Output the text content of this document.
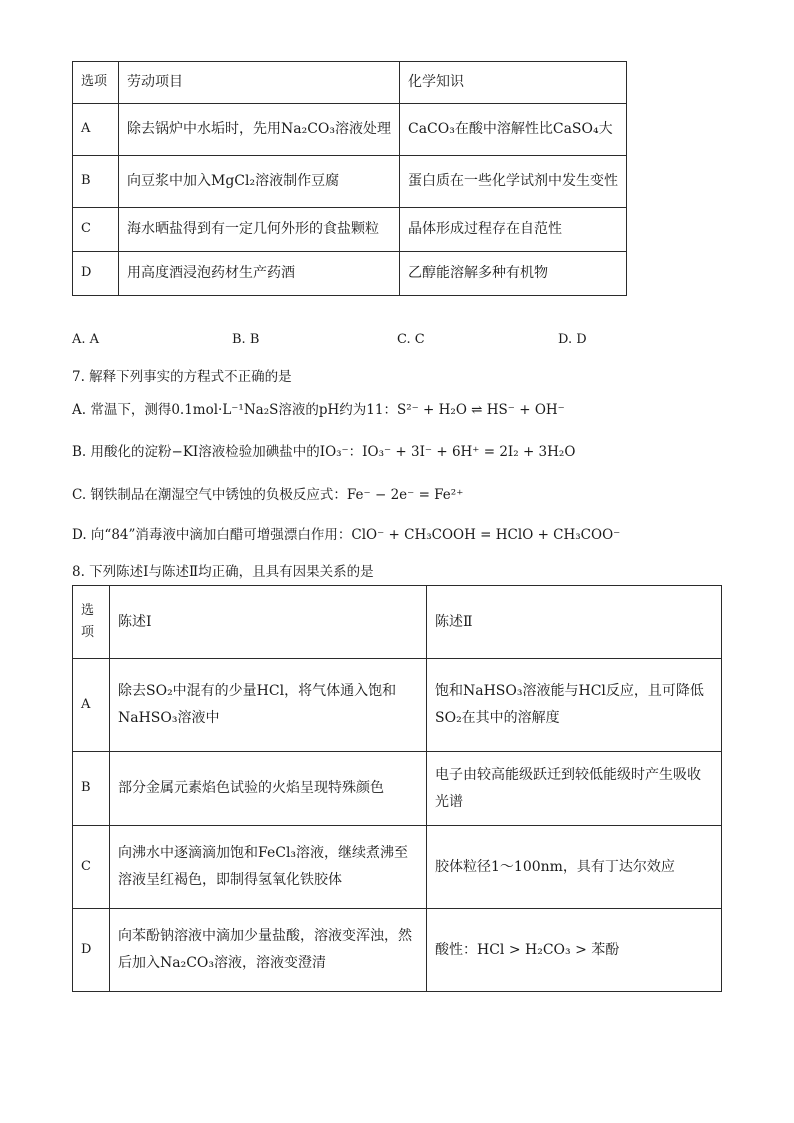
选项	劳动项目	化学知识
A	除去锅炉中水垢时，先用Na₂CO₃溶液处理	CaCO₃在酸中溶解性比CaSO₄大
B	向豆浆中加入MgCl₂溶液制作豆腐	蛋白质在一些化学试剂中发生变性
C	海水晒盐得到有一定几何外形的食盐颗粒	晶体形成过程存在自范性
D	用高度酒浸泡药材生产药酒	乙醇能溶解多种有机物
A. A	B. B	C. C	D. D
7. 解释下列事实的方程式不正确的是
A. 常温下，测得0.1mol·L⁻¹Na₂S溶液的pH约为11：S²⁻ + H₂O ⇌ HS⁻ + OH⁻
B. 用酸化的淀粉−KI溶液检验加碘盐中的IO₃⁻：IO₃⁻ + 3I⁻ + 6H⁺ = 2I₂ + 3H₂O
C. 钢铁制品在潮湿空气中锈蚀的负极反应式：Fe⁻ − 2e⁻ = Fe²⁺
D. 向“84”消毒液中滴加白醋可增强漂白作用：ClO⁻ + CH₃COOH = HClO + CH₃COO⁻
8. 下列陈述Ⅰ与陈述Ⅱ均正确，且具有因果关系的是
选项	陈述Ⅰ	陈述Ⅱ
A	除去SO₂中混有的少量HCl，将气体通入饱和NaHSO₃溶液中	饱和NaHSO₃溶液能与HCl反应，且可降低SO₂在其中的溶解度
B	部分金属元素焰色试验的火焰呈现特殊颜色	电子由较高能级跃迁到较低能级时产生吸收光谱
C	向沸水中逐滴滴加饱和FeCl₃溶液，继续煮沸至溶液呈红褐色，即制得氢氧化铁胶体	胶体粒径1～100nm，具有丁达尔效应
D	向苯酚钠溶液中滴加少量盐酸，溶液变浑浊，然后加入Na₂CO₃溶液，溶液变澄清	酸性：HCl > H₂CO₃ > 苯酚
